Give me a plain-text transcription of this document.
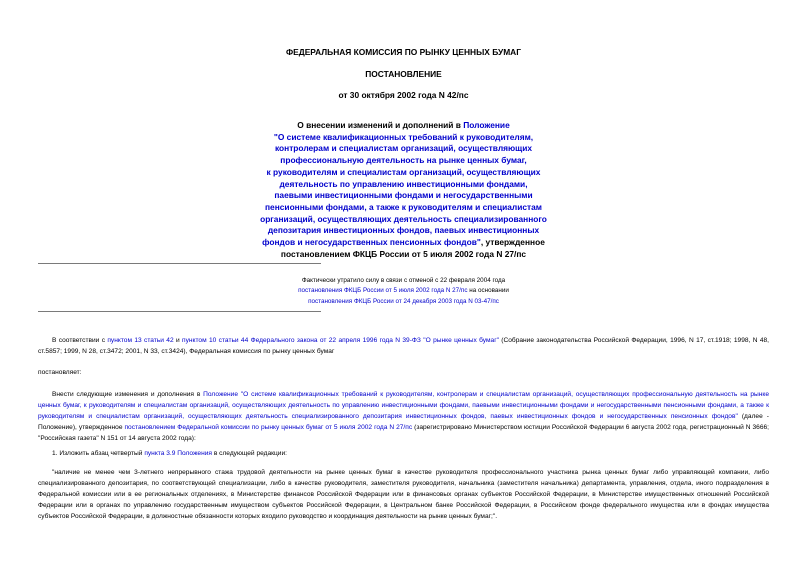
ФЕДЕРАЛЬНАЯ КОМИССИЯ ПО РЫНКУ ЦЕННЫХ БУМАГ
ПОСТАНОВЛЕНИЕ
от 30 октября 2002 года N 42/пс
О внесении изменений и дополнений в Положение
"О системе квалификационных требований к руководителям,
контролерам и специалистам организаций, осуществляющих
профессиональную деятельность на рынке ценных бумаг,
к руководителям и специалистам организаций, осуществляющих
деятельность по управлению инвестиционными фондами,
паевыми инвестиционными фондами и негосударственными
пенсионными фондами, а также к руководителям и специалистам
организаций, осуществляющих деятельность специализированного
депозитария инвестиционных фондов, паевых инвестиционных
фондов и негосударственных пенсионных фондов", утвержденное
постановлением ФКЦБ России от 5 июля 2002 года N 27/пс
Фактически утратило силу в связи с отменой с 22 февраля 2004 года
постановления ФКЦБ России от 5 июля 2002 года N 27/пс на основании
постановления ФКЦБ России от 24 декабря 2003 года N 03-47/пс
В соответствии с пунктом 13 статьи 42 и пунктом 10 статьи 44 Федерального закона от 22 апреля 1996 года N 39-ФЗ "О рынке ценных бумаг" (Собрание законодательства Российской Федерации, 1996, N 17, ст.1918; 1998, N 48, ст.5857; 1999, N 28, ст.3472; 2001, N 33, ст.3424), Федеральная комиссия по рынку ценных бумаг
постановляет:
Внести следующие изменения и дополнения в Положение "О системе квалификационных требований к руководителям, контролерам и специалистам организаций, осуществляющих профессиональную деятельность на рынке ценных бумаг, к руководителям и специалистам организаций, осуществляющих деятельность по управлению инвестиционными фондами, паевыми инвестиционными фондами и негосударственными пенсионными фондами, а также к руководителям и специалистам организаций, осуществляющих деятельность специализированного депозитария инвестиционных фондов, паевых инвестиционных фондов и негосударственных пенсионных фондов" (далее - Положение), утвержденное постановлением Федеральной комиссии по рынку ценных бумаг от 5 июля 2002 года N 27/пс (зарегистрировано Министерством юстиции Российской Федерации 6 августа 2002 года, регистрационный N 3666; "Российская газета" N 151 от 14 августа 2002 года):
1. Изложить абзац четвертый пункта 3.9 Положения в следующей редакции:
"наличие не менее чем 3-летнего непрерывного стажа трудовой деятельности на рынке ценных бумаг в качестве руководителя профессионального участника рынка ценных бумаг либо управляющей компании, либо специализированного депозитария, по соответствующей специализации, либо в качестве руководителя, заместителя руководителя, начальника (заместителя начальника) департамента, управления, отдела, иного подразделения в Федеральной комиссии или в ее региональных отделениях, в Министерстве финансов Российской Федерации или в финансовых органах субъектов Российской Федерации, в Министерстве имущественных отношений Российской Федерации или в органах по управлению государственным имуществом субъектов Российской Федерации, в Центральном банке Российской Федерации, в Российском фонде федерального имущества или в фондах имущества субъектов Российской Федерации, в должностные обязанности которых входило руководство и координация деятельности на рынке ценных бумаг;".
